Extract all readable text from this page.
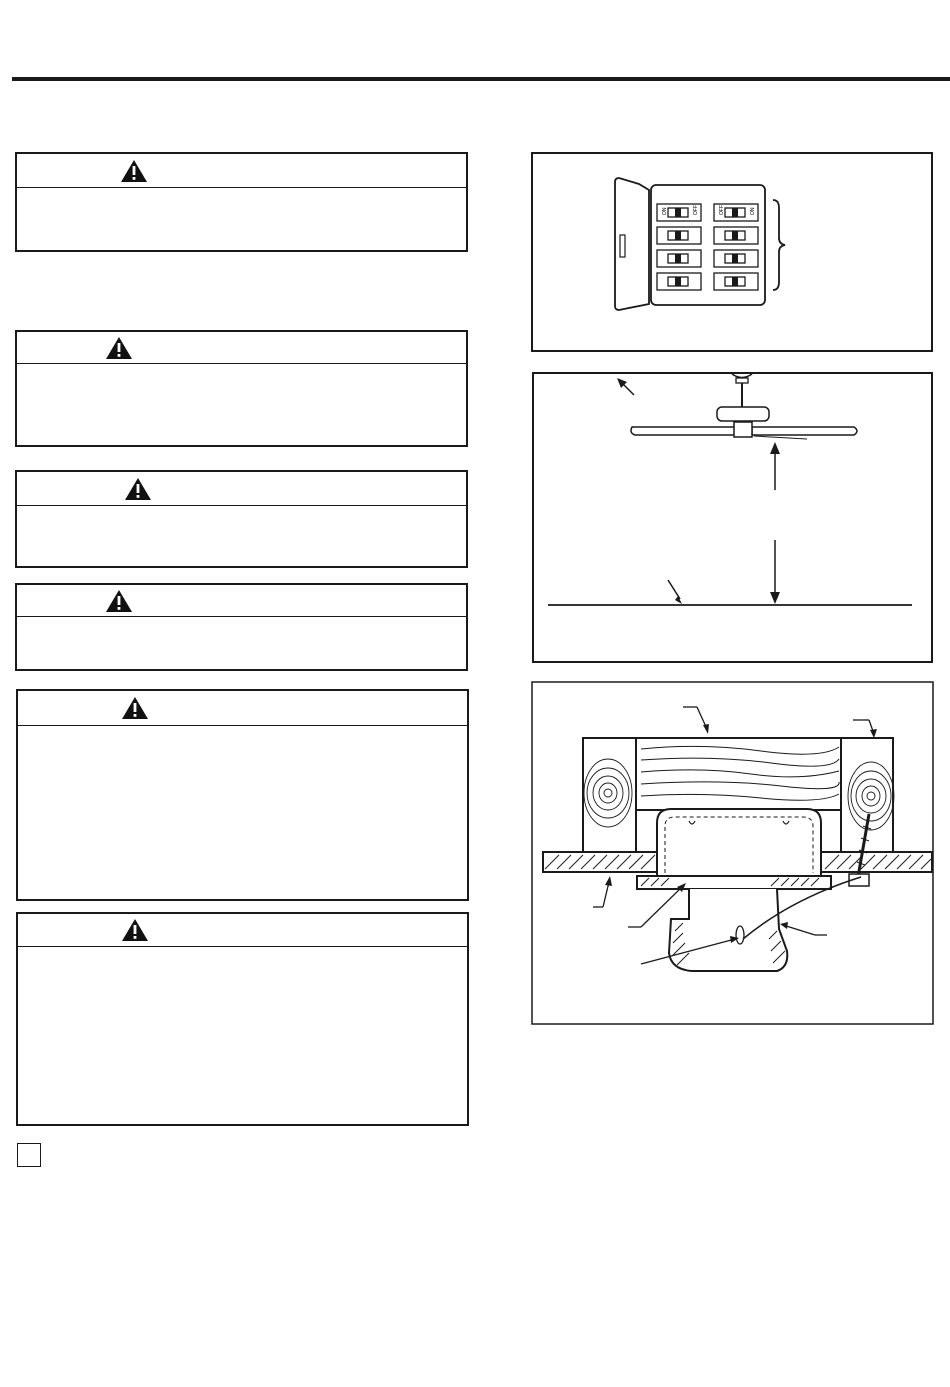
ON	OFF	OFF	ON
